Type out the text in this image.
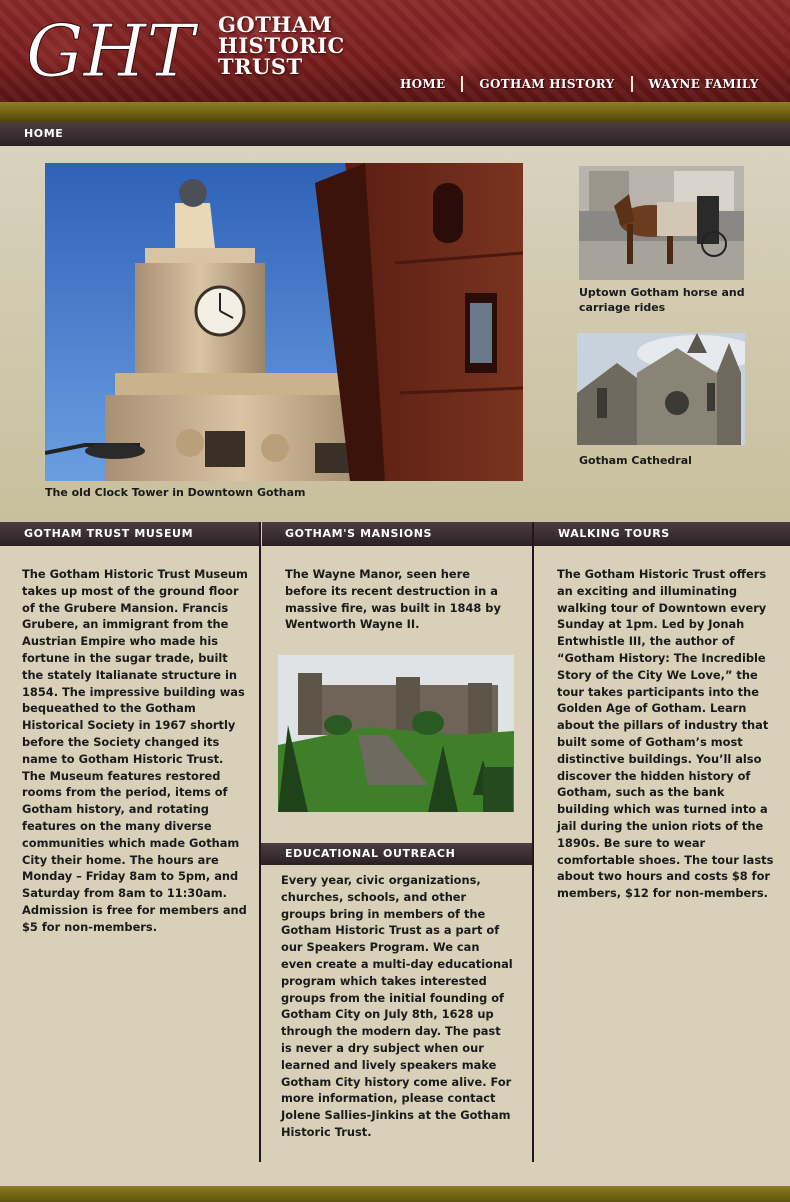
GHT GOTHAM
HISTORIC
TRUST
HOME	GOTHAM HISTORY	WAYNE FAMILY
HOME
The old Clock Tower in Downtown Gotham
Uptown Gotham horse and carriage rides
Gotham Cathedral
GOTHAM TRUST MUSEUM	GOTHAM'S MANSIONS	WALKING TOURS
The Gotham Historic Trust Museum takes up most of the ground floor of the Grubere Mansion. Francis Grubere, an immigrant from the Austrian Empire who made his fortune in the sugar trade, built the stately Italianate structure in 1854. The impressive building was bequeathed to the Gotham Historical Society in 1967 shortly before the Society changed its name to Gotham Historic Trust. The Museum features restored rooms from the period, items of Gotham history, and rotating features on the many diverse communities which made Gotham City their home. The hours are Monday – Friday 8am to 5pm, and Saturday from 8am to 11:30am. Admission is free for members and $5 for non-members.
The Wayne Manor, seen here before its recent destruction in a massive fire, was built in 1848 by Wentworth Wayne II.
EDUCATIONAL OUTREACH
Every year, civic organizations, churches, schools, and other groups bring in members of the Gotham Historic Trust as a part of our Speakers Program. We can even create a multi-day educational program which takes interested groups from the initial founding of Gotham City on July 8th, 1628 up through the modern day. The past is never a dry subject when our learned and lively speakers make Gotham City history come alive. For more information, please contact Jolene Sallies-Jinkins at the Gotham Historic Trust.
The Gotham Historic Trust offers an exciting and illuminating walking tour of Downtown every Sunday at 1pm. Led by Jonah Entwhistle III, the author of “Gotham History: The Incredible Story of the City We Love,” the tour takes participants into the Golden Age of Gotham. Learn about the pillars of industry that built some of Gotham’s most distinctive buildings. You’ll also discover the hidden history of Gotham, such as the bank building which was turned into a jail during the union riots of the 1890s. Be sure to wear comfortable shoes. The tour lasts about two hours and costs $8 for members, $12 for non-members.
